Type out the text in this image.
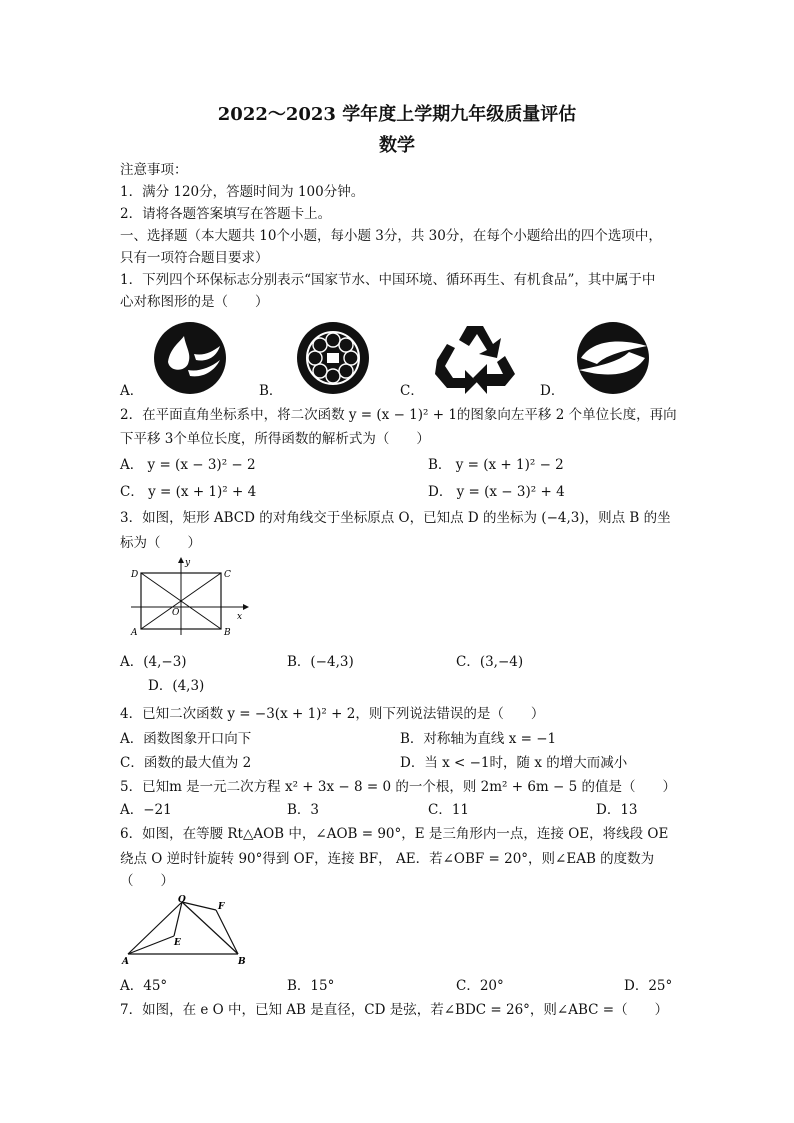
2022～2023 学年度上学期九年级质量评估
数学
注意事项：
1．满分 120分，答题时间为 100分钟。
2．请将各题答案填写在答题卡上。
一、选择题（本大题共 10个小题，每小题 3分，共 30分，在每个小题给出的四个选项中，
只有一项符合题目要求）
1．下列四个环保标志分别表示“国家节水、中国环境、循环再生、有机食品”，其中属于中
心对称图形的是（　　）
A．	B．	C．	D．
2．在平面直角坐标系中，将二次函数 y = (x − 1)² + 1的图象向左平移 2 个单位长度，再向
下平移 3个单位长度，所得函数的解析式为（　　）
A． y = (x − 3)² − 2	B． y = (x + 1)² − 2
C． y = (x + 1)² + 4	D． y = (x − 3)² + 4
3．如图，矩形 ABCD 的对角线交于坐标原点 O，已知点 D 的坐标为 (−4,3)，则点 B 的坐
标为（　　）
D	C
A	B
O	x
y
A．(4,−3)	B．(−4,3)	C．(3,−4)
D．(4,3)
4．已知二次函数 y = −3(x + 1)² + 2，则下列说法错误的是（　　）
A．函数图象开口向下	B．对称轴为直线 x = −1
C．函数的最大值为 2	D．当 x < −1时，随 x 的增大而减小
5．已知m 是一元二次方程 x² + 3x − 8 = 0 的一个根，则 2m² + 6m − 5 的值是（　　）
A．−21	B．3	C．11	D．13
6．如图，在等腰 Rt△AOB 中，∠AOB = 90°，E 是三角形内一点，连接 OE，将线段 OE
绕点 O 逆时针旋转 90°得到 OF，连接 BF， AE．若∠OBF = 20°，则∠EAB 的度数为
（　　）
O
F
E
A	B
A．45°	B．15°	C．20°	D．25°
7．如图，在 e O 中，已知 AB 是直径，CD 是弦，若∠BDC = 26°，则∠ABC =（　　）
